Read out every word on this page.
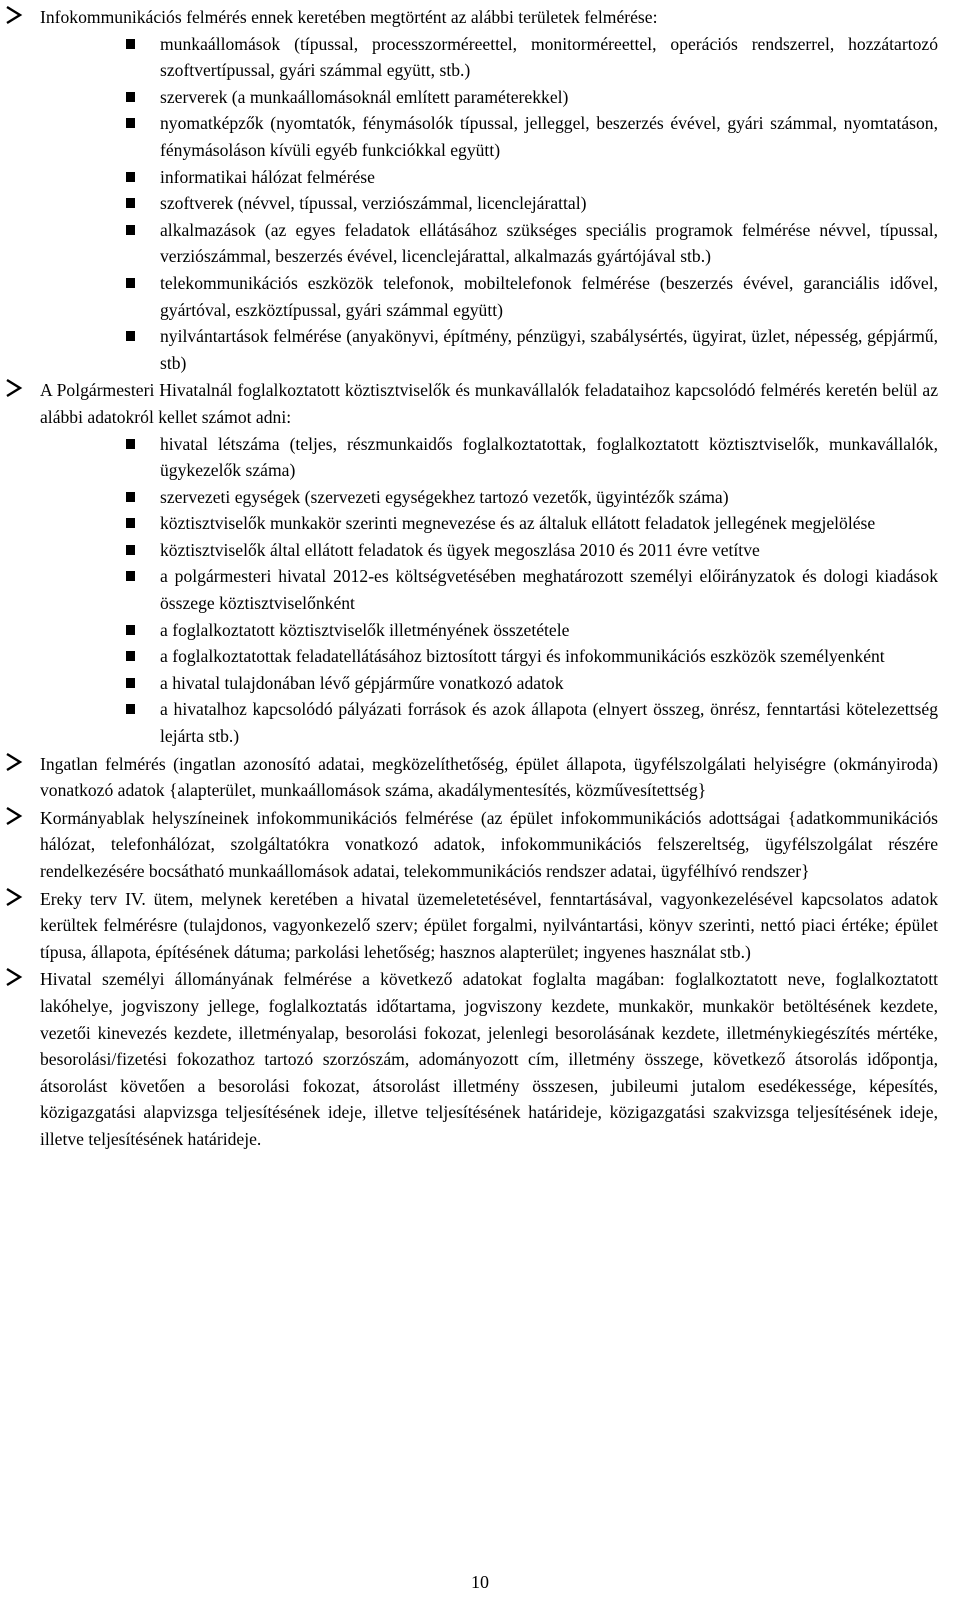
Infokommunikációs felmérés ennek keretében megtörtént az alábbi területek felmérése:
munkaállomások (típussal, processzorméreettel, monitorméreettel, operációs rendszerrel, hozzátartozó szoftvertípussal, gyári számmal együtt, stb.)
szerverek (a munkaállomásoknál említett paraméterekkel)
nyomatképzők (nyomtatók, fénymásolók típussal, jelleggel, beszerzés évével, gyári számmal, nyomtatáson, fénymásoláson kívüli egyéb funkciókkal együtt)
informatikai hálózat felmérése
szoftverek (névvel, típussal, verziószámmal, licenclejárattal)
alkalmazások (az egyes feladatok ellátásához szükséges speciális programok felmérése névvel, típussal, verziószámmal, beszerzés évével, licenclejárattal, alkalmazás gyártójával stb.)
telekommunikációs eszközök telefonok, mobiltelefonok felmérése (beszerzés évével, garanciális idővel, gyártóval, eszköztípussal, gyári számmal együtt)
nyilvántartások felmérése (anyakönyvi, építmény, pénzügyi, szabálysértés, ügyirat, üzlet, népesség, gépjármű, stb)
A Polgármesteri Hivatalnál foglalkoztatott köztisztviselők és munkavállalók feladataihoz kapcsolódó felmérés keretén belül az alábbi adatokról kellet számot adni:
hivatal létszáma (teljes, részmunkaidős foglalkoztatottak, foglalkoztatott köztisztviselők, munkavállalók, ügykezelők száma)
szervezeti egységek (szervezeti egységekhez tartozó vezetők, ügyintézők száma)
köztisztviselők munkakör szerinti megnevezése és az általuk ellátott feladatok jellegének megjelölése
köztisztviselők által ellátott feladatok és ügyek megoszlása 2010 és 2011 évre vetítve
a polgármesteri hivatal 2012-es költségvetésében meghatározott személyi előirányzatok és dologi kiadások összege köztisztviselőnként
a foglalkoztatott köztisztviselők illetményének összetétele
a foglalkoztatottak feladatellátásához biztosított tárgyi és infokommunikációs eszközök személyenként
a hivatal tulajdonában lévő gépjárműre vonatkozó adatok
a hivatalhoz kapcsolódó pályázati források és azok állapota (elnyert összeg, önrész, fenntartási kötelezettség lejárta stb.)
Ingatlan felmérés (ingatlan azonosító adatai, megközelíthetőség, épület állapota, ügyfélszolgálati helyiségre (okmányiroda) vonatkozó adatok {alapterület, munkaállomások száma, akadálymentesítés, közművesítettség}
Kormányablak helyszíneinek infokommunikációs felmérése (az épület infokommunikációs adottságai {adatkommunikációs hálózat, telefonhálózat, szolgáltatókra vonatkozó adatok, infokommunikációs felszereltség, ügyfélszolgálat részére rendelkezésére bocsátható munkaállomások adatai, telekommunikációs rendszer adatai, ügyfélhívó rendszer}
Ereky terv IV. ütem, melynek keretében a hivatal üzemeletetésével, fenntartásával, vagyonkezelésével kapcsolatos adatok kerültek felmérésre (tulajdonos, vagyonkezelő szerv; épület forgalmi, nyilvántartási, könyv szerinti, nettó piaci értéke; épület típusa, állapota, építésének dátuma; parkolási lehetőség; hasznos alapterület; ingyenes használat stb.)
Hivatal személyi állományának felmérése a következő adatokat foglalta magában: foglalkoztatott neve, foglalkoztatott lakóhelye, jogviszony jellege, foglalkoztatás időtartama, jogviszony kezdete, munkakör, munkakör betöltésének kezdete, vezetői kinevezés kezdete, illetményalap, besorolási fokozat, jelenlegi besorolásának kezdete, illetménykiegészítés mértéke, besorolási/fizetési fokozathoz tartozó szorzószám, adományozott cím, illetmény összege, következő átsorolás időpontja, átsorolást követően a besorolási fokozat, átsorolást illetmény összesen, jubileumi jutalom esedékessége, képesítés, közigazgatási alapvizsga teljesítésének ideje, illetve teljesítésének határideje, közigazgatási szakvizsga teljesítésének ideje, illetve teljesítésének határideje.
10
